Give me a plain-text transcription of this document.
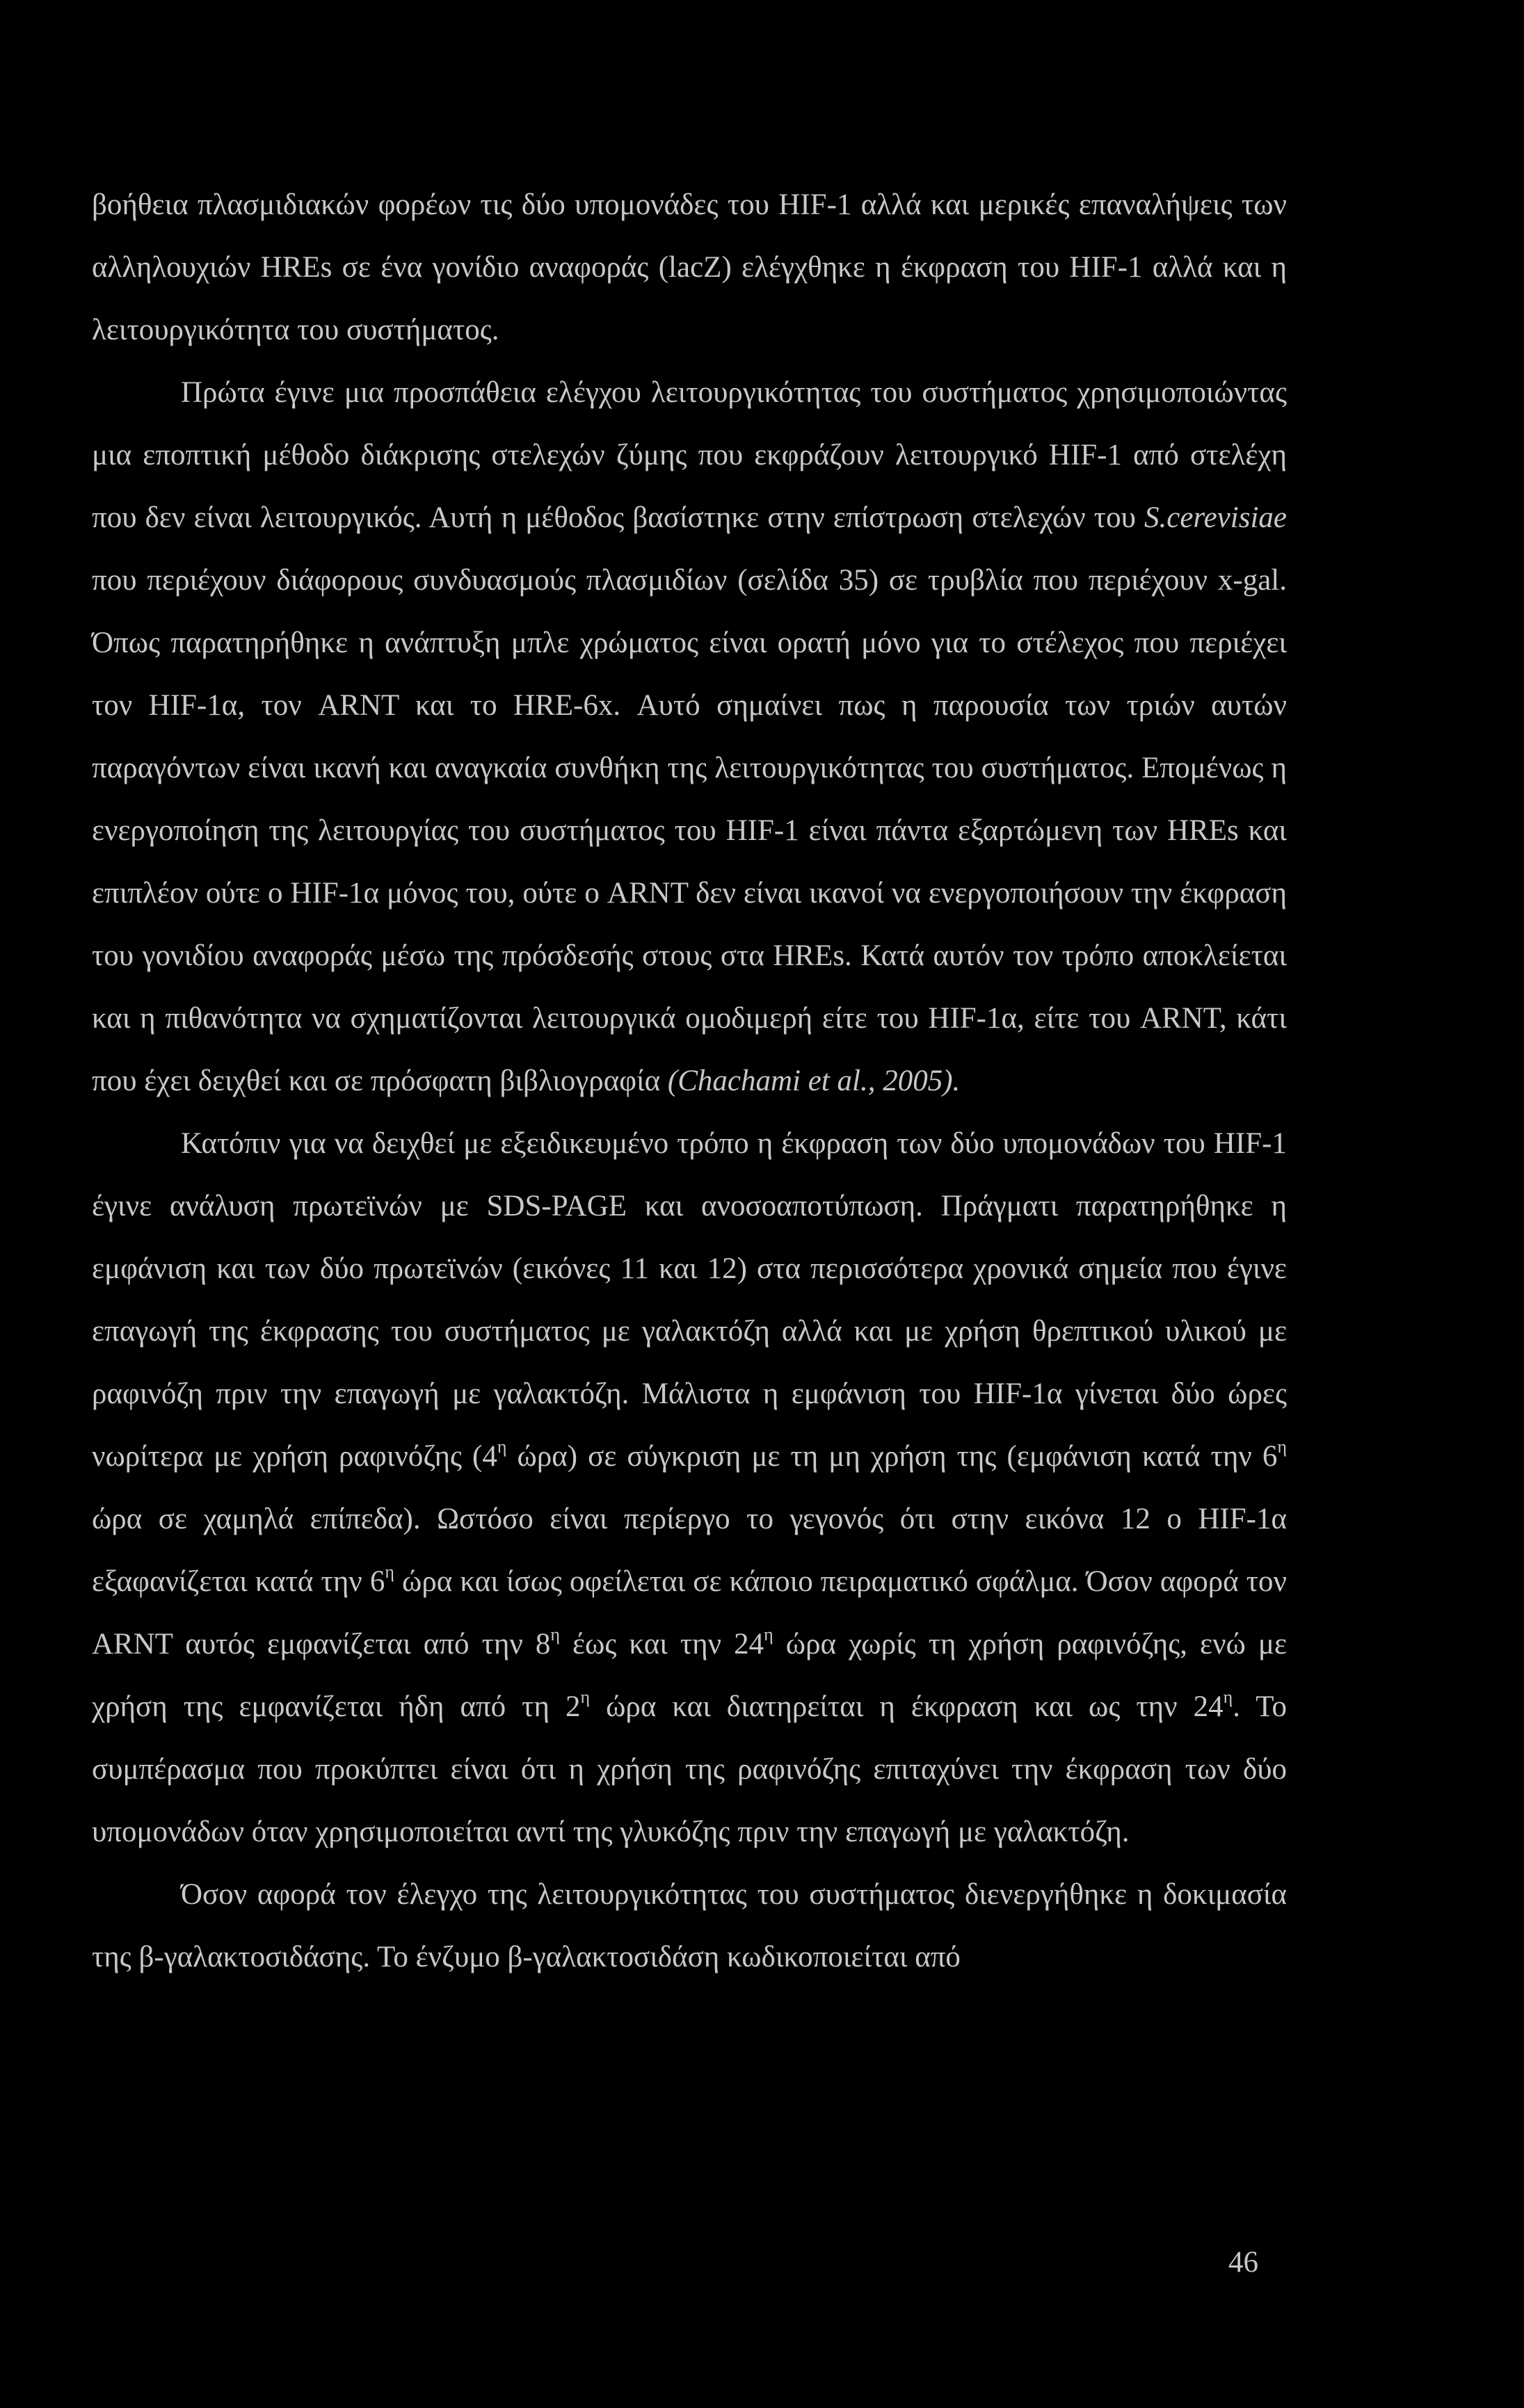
βοήθεια πλασμιδιακών φορέων τις δύο υπομονάδες του HIF-1 αλλά και μερικές επαναλήψεις των αλληλουχιών HREs σε ένα γονίδιο αναφοράς (lacZ) ελέγχθηκε η έκφραση του HIF-1 αλλά και η λειτουργικότητα του συστήματος.

Πρώτα έγινε μια προσπάθεια ελέγχου λειτουργικότητας του συστήματος χρησιμοποιώντας μια εποπτική μέθοδο διάκρισης στελεχών ζύμης που εκφράζουν λειτουργικό HIF-1 από στελέχη που δεν είναι λειτουργικός. Αυτή η μέθοδος βασίστηκε στην επίστρωση στελεχών του S.cerevisiae που περιέχουν διάφορους συνδυασμούς πλασμιδίων (σελίδα 35) σε τρυβλία που περιέχουν x-gal. Όπως παρατηρήθηκε η ανάπτυξη μπλε χρώματος είναι ορατή μόνο για το στέλεχος που περιέχει τον HIF-1α, τον ARNT και το HRE-6x. Αυτό σημαίνει πως η παρουσία των τριών αυτών παραγόντων είναι ικανή και αναγκαία συνθήκη της λειτουργικότητας του συστήματος. Επομένως η ενεργοποίηση της λειτουργίας του συστήματος του HIF-1 είναι πάντα εξαρτώμενη των HREs και επιπλέον ούτε ο HIF-1α μόνος του, ούτε ο ARNT δεν είναι ικανοί να ενεργοποιήσουν την έκφραση του γονιδίου αναφοράς μέσω της πρόσδεσής στους στα HREs. Κατά αυτόν τον τρόπο αποκλείεται και η πιθανότητα να σχηματίζονται λειτουργικά ομοδιμερή είτε του HIF-1α, είτε του ARNT, κάτι που έχει δειχθεί και σε πρόσφατη βιβλιογραφία (Chachami et al., 2005).

Κατόπιν για να δειχθεί με εξειδικευμένο τρόπο η έκφραση των δύο υπομονάδων του HIF-1 έγινε ανάλυση πρωτεϊνών με SDS-PAGE και ανοσοαποτύπωση. Πράγματι παρατηρήθηκε η εμφάνιση και των δύο πρωτεϊνών (εικόνες 11 και 12) στα περισσότερα χρονικά σημεία που έγινε επαγωγή της έκφρασης του συστήματος με γαλακτόζη αλλά και με χρήση θρεπτικού υλικού με ραφινόζη πριν την επαγωγή με γαλακτόζη. Μάλιστα η εμφάνιση του HIF-1α γίνεται δύο ώρες νωρίτερα με χρήση ραφινόζης ($4^\eta$ ώρα) σε σύγκριση με τη μη χρήση της (εμφάνιση κατά την $6^\eta$ ώρα σε χαμηλά επίπεδα). Ωστόσο είναι περίεργο το γεγονός ότι στην εικόνα 12 ο HIF-1α εξαφανίζεται κατά την $6^\eta$ ώρα και ίσως οφείλεται σε κάποιο πειραματικό σφάλμα. Όσον αφορά τον ARNT αυτός εμφανίζεται από την $8^\eta$ έως και την $24^\eta$ ώρα χωρίς τη χρήση ραφινόζης, ενώ με χρήση της εμφανίζεται ήδη από τη $2^\eta$ ώρα και διατηρείται η έκφραση και ως την $24^\eta$. Το συμπέρασμα που προκύπτει είναι ότι η χρήση της ραφινόζης επιταχύνει την έκφραση των δύο υπομονάδων όταν χρησιμοποιείται αντί της γλυκόζης πριν την επαγωγή με γαλακτόζη.

Όσον αφορά τον έλεγχο της λειτουργικότητας του συστήματος διενεργήθηκε η δοκιμασία της β-γαλακτοσιδάσης. Το ένζυμο β-γαλακτοσιδάση κωδικοποιείται από

46
